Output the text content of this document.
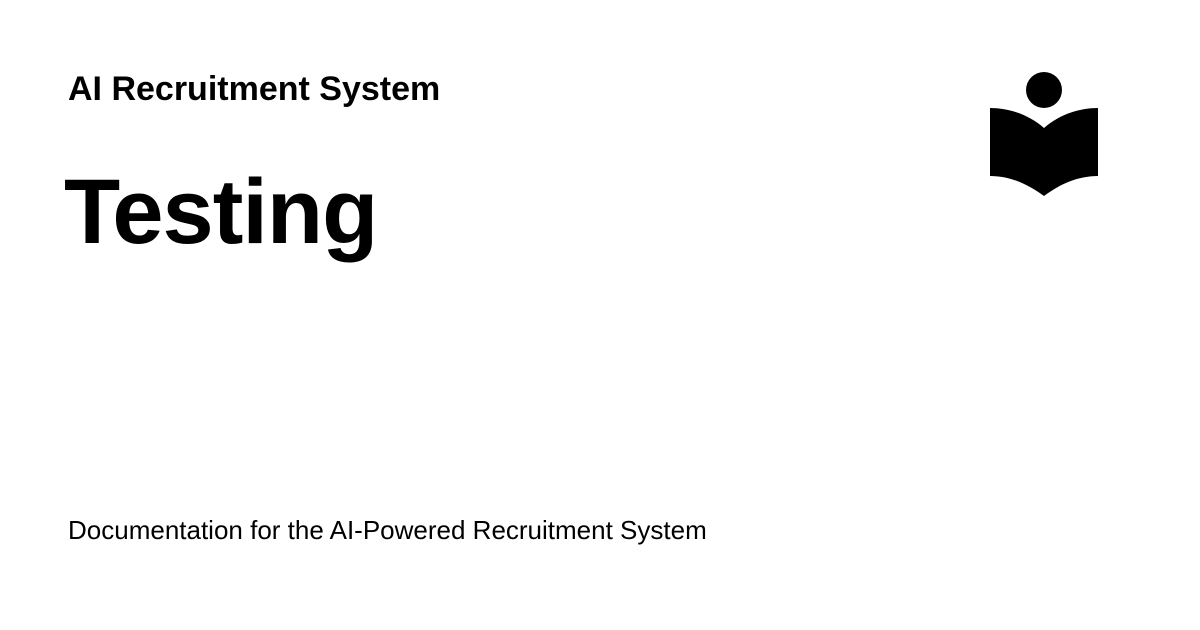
AI Recruitment System
Testing
Documentation for the AI-Powered Recruitment System
